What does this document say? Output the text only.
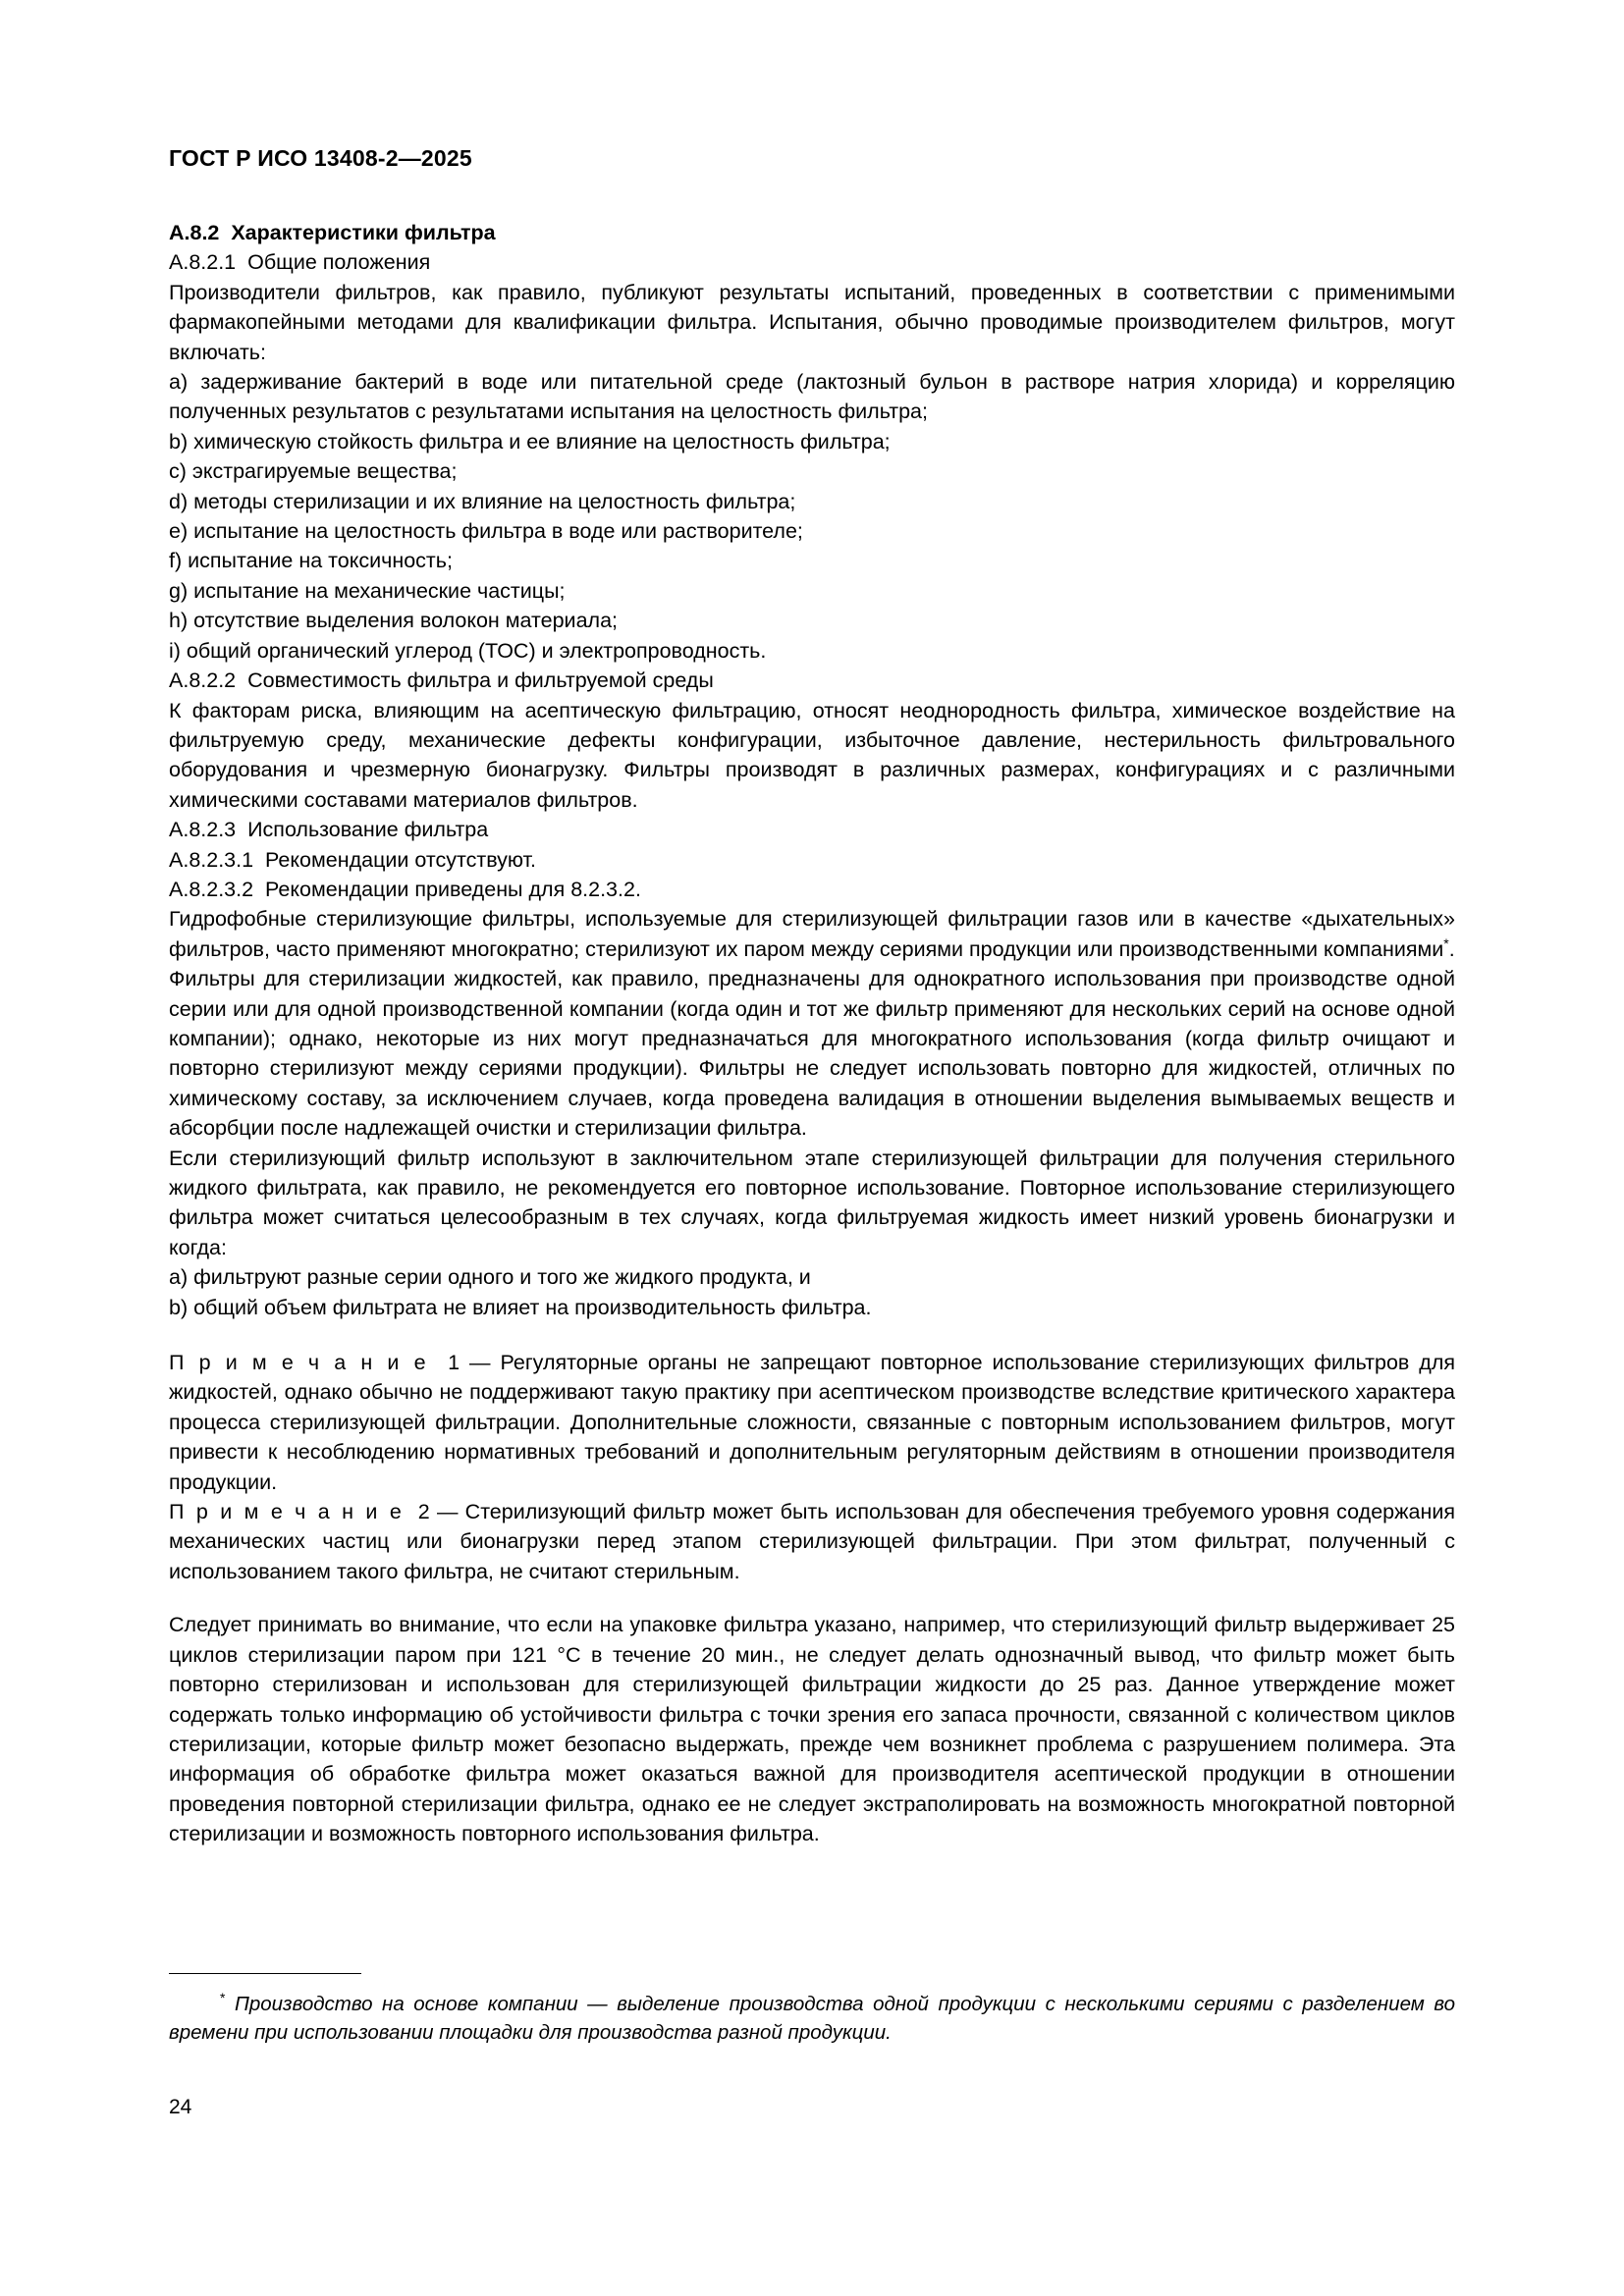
ГОСТ Р ИСО 13408-2—2025

A.8.2 Характеристики фильтра

A.8.2.1 Общие положения

Производители фильтров, как правило, публикуют результаты испытаний, проведенных в соответствии с применимыми фармакопейными методами для квалификации фильтра. Испытания, обычно проводимые производителем фильтров, могут включать:

a) задерживание бактерий в воде или питательной среде (лактозный бульон в растворе натрия хлорида) и корреляцию полученных результатов с результатами испытания на целостность фильтра;

b) химическую стойкость фильтра и ее влияние на целостность фильтра;

c) экстрагируемые вещества;

d) методы стерилизации и их влияние на целостность фильтра;

e) испытание на целостность фильтра в воде или растворителе;

f) испытание на токсичность;

g) испытание на механические частицы;

h) отсутствие выделения волокон материала;

i) общий органический углерод (ТОС) и электропроводность.

A.8.2.2 Совместимость фильтра и фильтруемой среды

К факторам риска, влияющим на асептическую фильтрацию, относят неоднородность фильтра, химическое воздействие на фильтруемую среду, механические дефекты конфигурации, избыточное давление, нестерильность фильтровального оборудования и чрезмерную бионагрузку. Фильтры производят в различных размерах, конфигурациях и с различными химическими составами материалов фильтров.

A.8.2.3 Использование фильтра

A.8.2.3.1 Рекомендации отсутствуют.

A.8.2.3.2 Рекомендации приведены для 8.2.3.2.

Гидрофобные стерилизующие фильтры, используемые для стерилизующей фильтрации газов или в качестве «дыхательных» фильтров, часто применяют многократно; стерилизуют их паром между сериями продукции или производственными компаниями*.

Фильтры для стерилизации жидкостей, как правило, предназначены для однократного использования при производстве одной серии или для одной производственной компании (когда один и тот же фильтр применяют для нескольких серий на основе одной компании); однако, некоторые из них могут предназначаться для многократного использования (когда фильтр очищают и повторно стерилизуют между сериями продукции). Фильтры не следует использовать повторно для жидкостей, отличных по химическому составу, за исключением случаев, когда проведена валидация в отношении выделения вымываемых веществ и абсорбции после надлежащей очистки и стерилизации фильтра.

Если стерилизующий фильтр используют в заключительном этапе стерилизующей фильтрации для получения стерильного жидкого фильтрата, как правило, не рекомендуется его повторное использование. Повторное использование стерилизующего фильтра может считаться целесообразным в тех случаях, когда фильтруемая жидкость имеет низкий уровень бионагрузки и когда:

a) фильтруют разные серии одного и того же жидкого продукта, и

b) общий объем фильтрата не влияет на производительность фильтра.

П р и м е ч а н и е 1 — Регуляторные органы не запрещают повторное использование стерилизующих фильтров для жидкостей, однако обычно не поддерживают такую практику при асептическом производстве вследствие критического характера процесса стерилизующей фильтрации. Дополнительные сложности, связанные с повторным использованием фильтров, могут привести к несоблюдению нормативных требований и дополнительным регуляторным действиям в отношении производителя продукции.

П р и м е ч а н и е 2 — Стерилизующий фильтр может быть использован для обеспечения требуемого уровня содержания механических частиц или бионагрузки перед этапом стерилизующей фильтрации. При этом фильтрат, полученный с использованием такого фильтра, не считают стерильным.

Следует принимать во внимание, что если на упаковке фильтра указано, например, что стерилизующий фильтр выдерживает 25 циклов стерилизации паром при 121 °С в течение 20 мин., не следует делать однозначный вывод, что фильтр может быть повторно стерилизован и использован для стерилизующей фильтрации жидкости до 25 раз. Данное утверждение может содержать только информацию об устойчивости фильтра с точки зрения его запаса прочности, связанной с количеством циклов стерилизации, которые фильтр может безопасно выдержать, прежде чем возникнет проблема с разрушением полимера. Эта информация об обработке фильтра может оказаться важной для производителя асептической продукции в отношении проведения повторной стерилизации фильтра, однако ее не следует экстраполировать на возможность многократной повторной стерилизации и возможность повторного использования фильтра.

* Производство на основе компании — выделение производства одной продукции с несколькими сериями с разделением во времени при использовании площадки для производства разной продукции.
24
